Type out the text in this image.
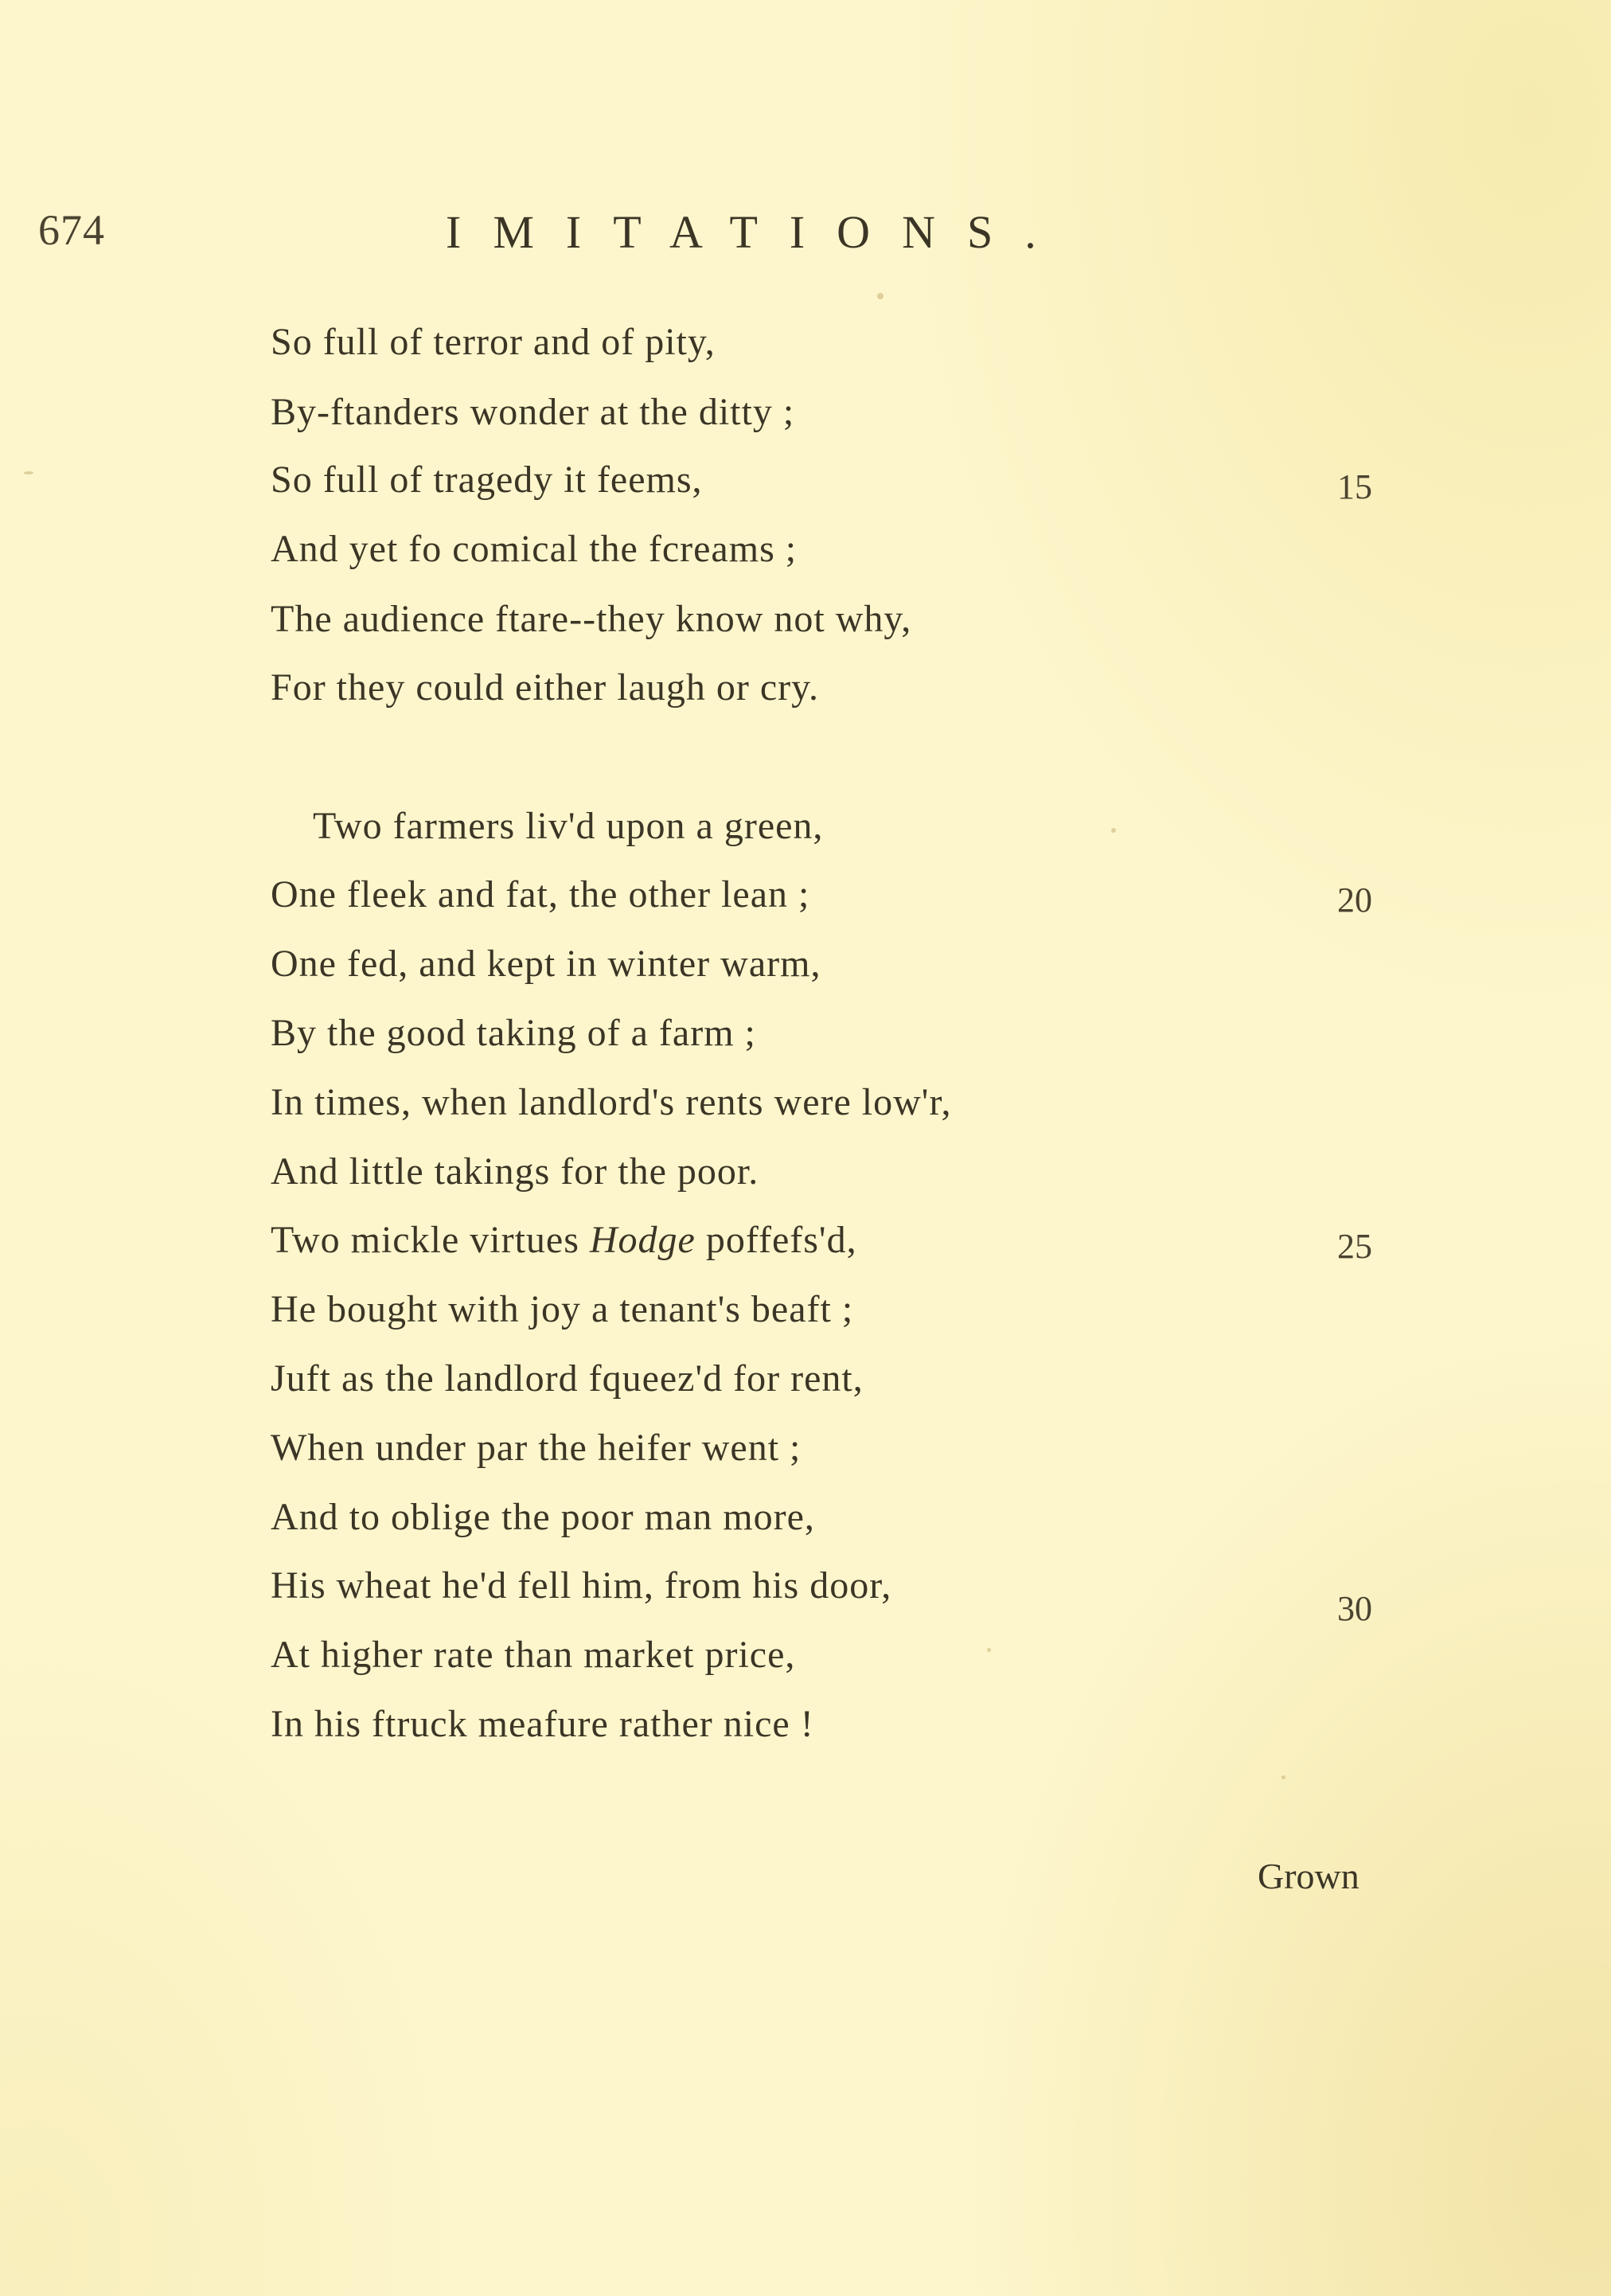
674	IMITATIONS.
So full of terror and of pity,
By-ftanders wonder at the ditty ;
So full of tragedy it feems,
And yet fo comical the fcreams ;
The audience ftare--they know not why,
For they could either laugh or cry.
Two farmers liv'd upon a green,
One fleek and fat, the other lean ;
One fed, and kept in winter warm,
By the good taking of a farm ;
In times, when landlord's rents were low'r,
And little takings for the poor.
Two mickle virtues Hodge poffefs'd,
He bought with joy a tenant's beaft ;
Juft as the landlord fqueez'd for rent,
When under par the heifer went ;
And to oblige the poor man more,
His wheat he'd fell him, from his door,
At higher rate than market price,
In his ftruck meafure rather nice !
15
20
25
30
Grown
